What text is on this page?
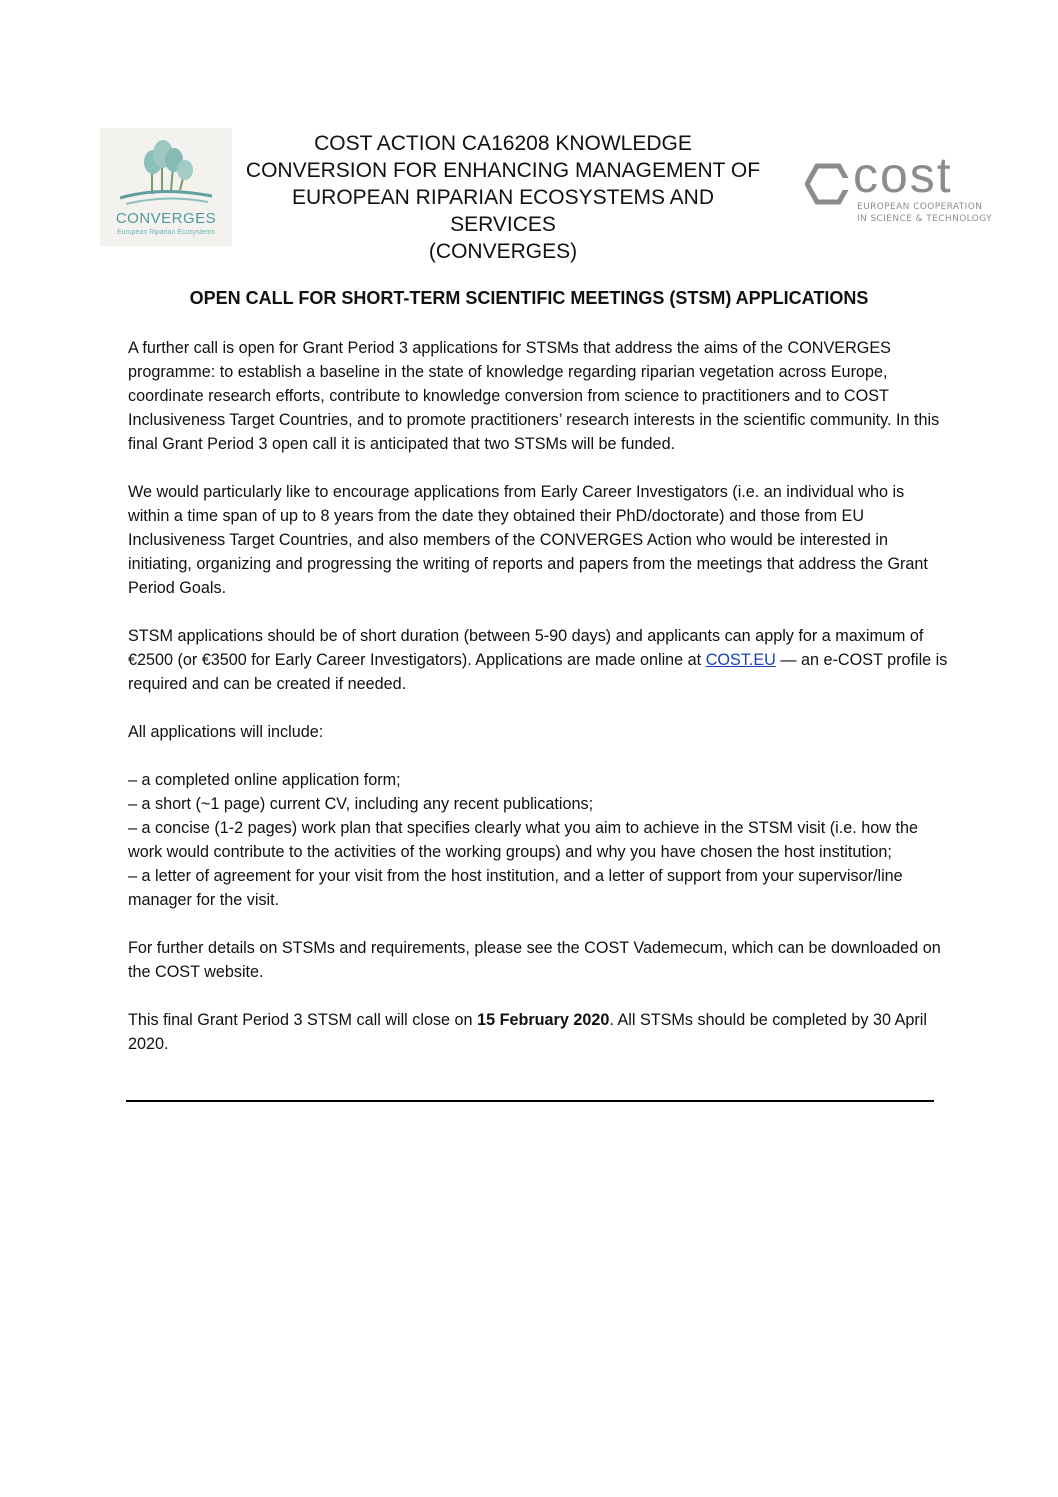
CONVERGES
European Riparian Ecosystems
COST ACTION CA16208 KNOWLEDGE
CONVERSION FOR ENHANCING MANAGEMENT OF
EUROPEAN RIPARIAN ECOSYSTEMS AND SERVICES
(CONVERGES)
cost
EUROPEAN COOPERATION
IN SCIENCE & TECHNOLOGY
OPEN CALL FOR SHORT-TERM SCIENTIFIC MEETINGS (STSM) APPLICATIONS

A further call is open for Grant Period 3 applications for STSMs that address the aims of the CONVERGES programme: to establish a baseline in the state of knowledge regarding riparian vegetation across Europe, coordinate research efforts, contribute to knowledge conversion from science to practitioners and to COST Inclusiveness Target Countries, and to promote practitioners’ research interests in the scientific community. In this final Grant Period 3 open call it is anticipated that two STSMs will be funded.

We would particularly like to encourage applications from Early Career Investigators (i.e. an individual who is within a time span of up to 8 years from the date they obtained their PhD/doctorate) and those from EU Inclusiveness Target Countries, and also members of the CONVERGES Action who would be interested in initiating, organizing and progressing the writing of reports and papers from the meetings that address the Grant Period Goals.

STSM applications should be of short duration (between 5-90 days) and applicants can apply for a maximum of €2500 (or €3500 for Early Career Investigators). Applications are made online at COST.EU — an e-COST profile is required and can be created if needed.

All applications will include:

– a completed online application form;
– a short (~1 page) current CV, including any recent publications;
– a concise (1-2 pages) work plan that specifies clearly what you aim to achieve in the STSM visit (i.e. how the work would contribute to the activities of the working groups) and why you have chosen the host institution;
– a letter of agreement for your visit from the host institution, and a letter of support from your supervisor/line manager for the visit.

For further details on STSMs and requirements, please see the COST Vademecum, which can be downloaded on the COST website.

This final Grant Period 3 STSM call will close on 15 February 2020. All STSMs should be completed by 30 April 2020.
